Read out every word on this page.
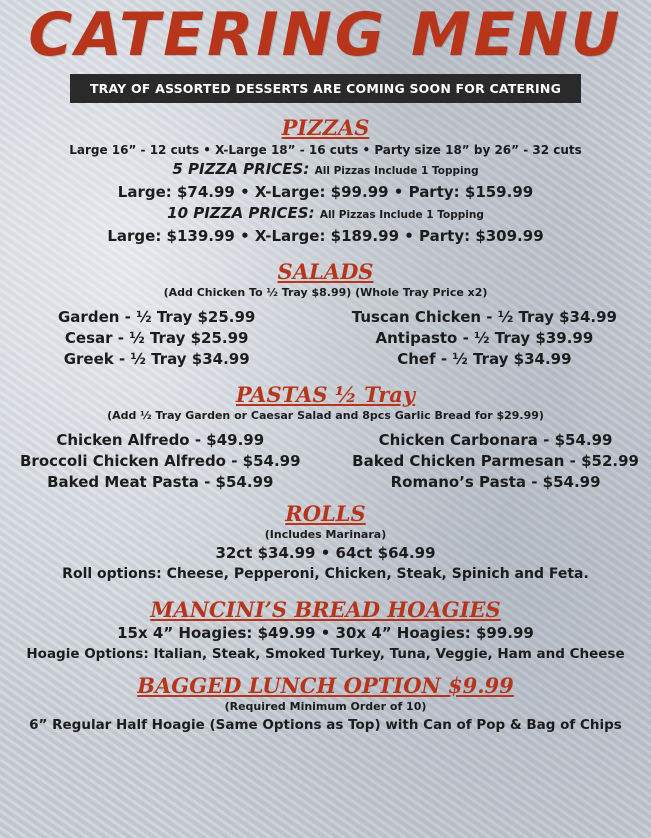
CATERING MENU
TRAY OF ASSORTED DESSERTS ARE COMING SOON FOR CATERING
PIZZAS
Large 16” - 12 cuts • X-Large 18” - 16 cuts • Party size 18” by 26” - 32 cuts
5 PIZZA PRICES: All Pizzas Include 1 Topping
Large: $74.99 • X-Large: $99.99 • Party: $159.99
10 PIZZA PRICES: All Pizzas Include 1 Topping
Large: $139.99 • X-Large: $189.99 • Party: $309.99
SALADS
(Add Chicken To ½ Tray $8.99) (Whole Tray Price x2)
Garden - ½ Tray $25.99
Cesar - ½ Tray $25.99
Greek - ½ Tray $34.99
Tuscan Chicken - ½ Tray $34.99
Antipasto - ½ Tray $39.99
Chef - ½ Tray $34.99
PASTAS ½ Tray
(Add ½ Tray Garden or Caesar Salad and 8pcs Garlic Bread for $29.99)
Chicken Alfredo - $49.99
Broccoli Chicken Alfredo - $54.99
Baked Meat Pasta - $54.99
Chicken Carbonara - $54.99
Baked Chicken Parmesan - $52.99
Romano’s Pasta - $54.99
ROLLS
(Includes Marinara)
32ct $34.99 • 64ct $64.99
Roll options: Cheese, Pepperoni, Chicken, Steak, Spinich and Feta.
MANCINI’S BREAD HOAGIES
15x 4” Hoagies: $49.99 • 30x 4” Hoagies: $99.99
Hoagie Options: Italian, Steak, Smoked Turkey, Tuna, Veggie, Ham and Cheese
BAGGED LUNCH OPTION $9.99
(Required Minimum Order of 10)
6” Regular Half Hoagie (Same Options as Top) with Can of Pop & Bag of Chips
